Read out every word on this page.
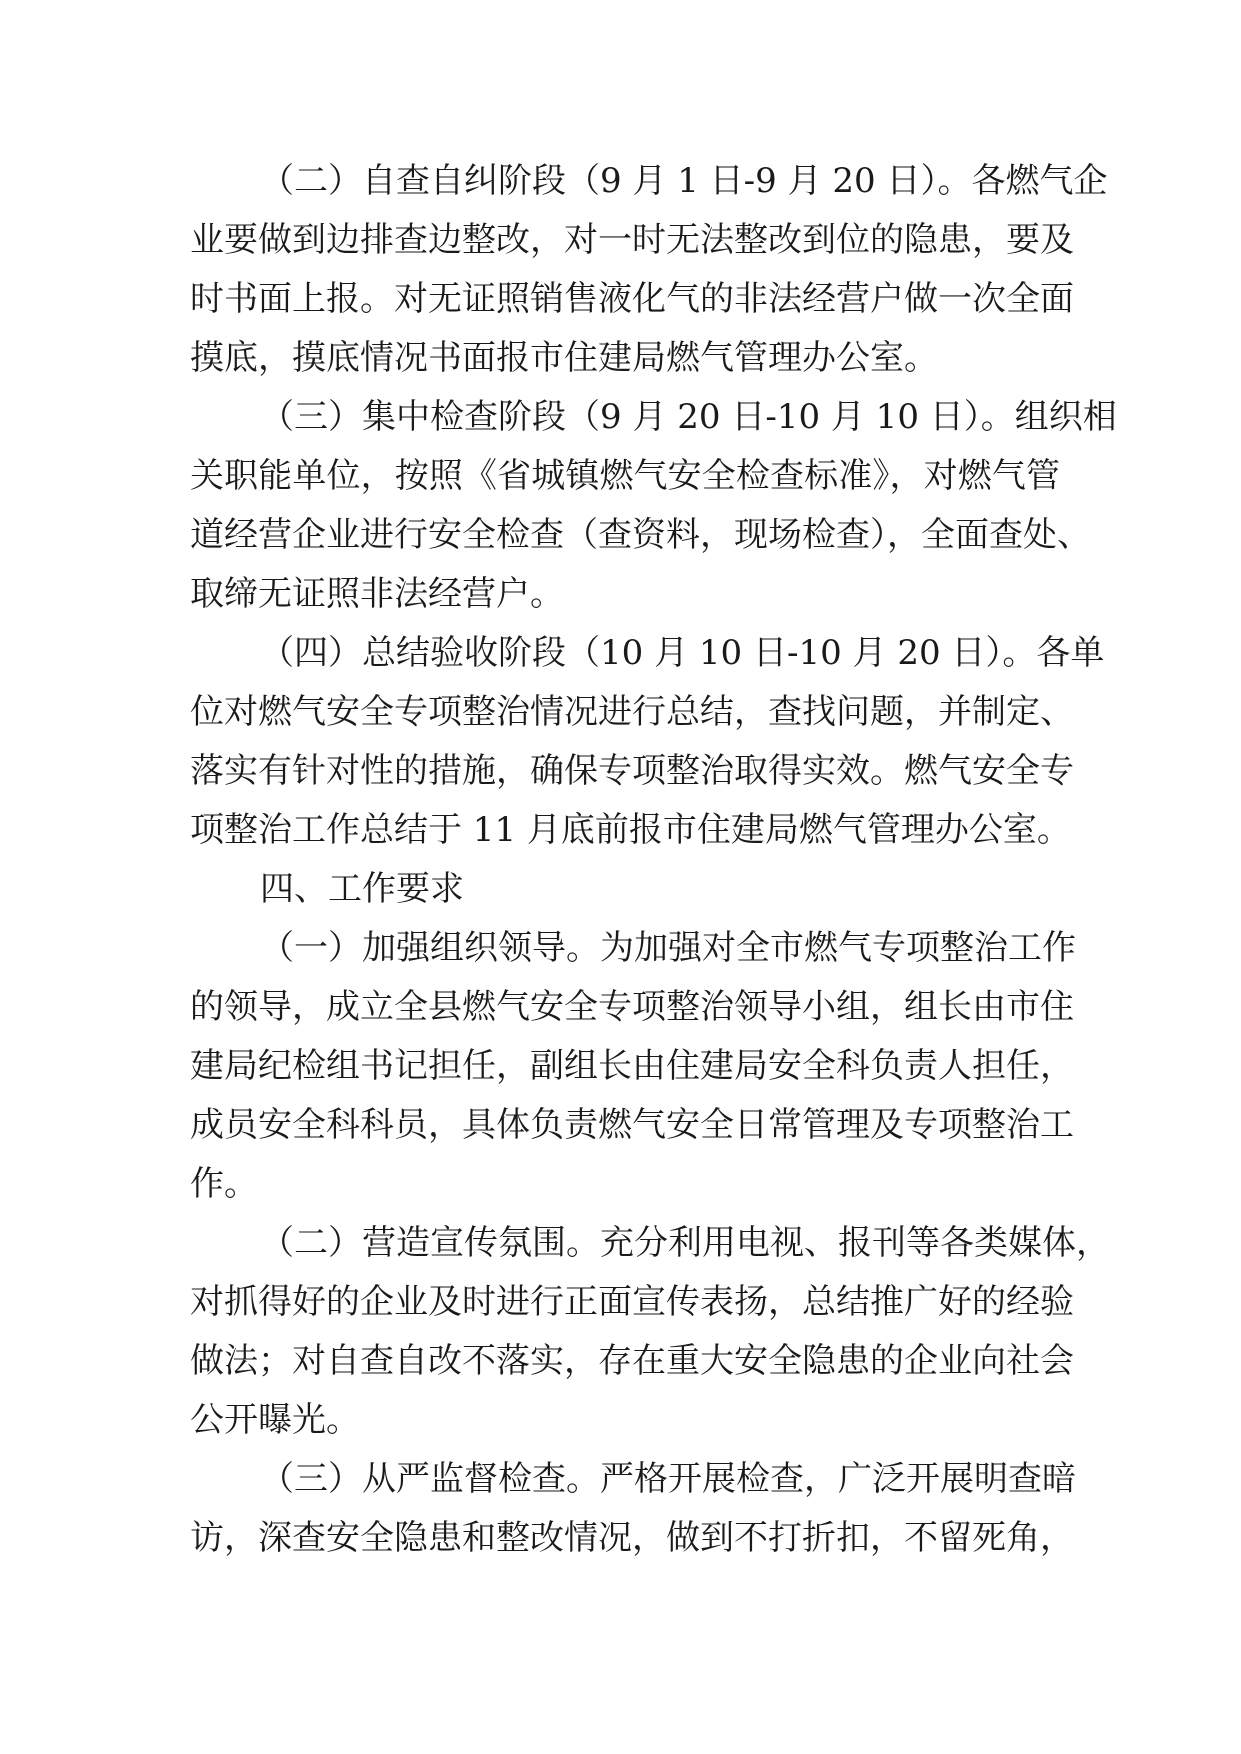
（二）自查自纠阶段（9 月 1 日-9 月 20 日）。各燃气企
业要做到边排查边整改，对一时无法整改到位的隐患，要及
时书面上报。对无证照销售液化气的非法经营户做一次全面
摸底，摸底情况书面报市住建局燃气管理办公室。
（三）集中检查阶段（9 月 20 日-10 月 10 日）。组织相
关职能单位，按照《省城镇燃气安全检查标准》，对燃气管
道经营企业进行安全检查（查资料，现场检查），全面查处、
取缔无证照非法经营户。
（四）总结验收阶段（10 月 10 日-10 月 20 日）。各单
位对燃气安全专项整治情况进行总结，查找问题，并制定、
落实有针对性的措施，确保专项整治取得实效。燃气安全专
项整治工作总结于 11 月底前报市住建局燃气管理办公室。
四、工作要求
（一）加强组织领导。为加强对全市燃气专项整治工作
的领导，成立全县燃气安全专项整治领导小组，组长由市住
建局纪检组书记担任，副组长由住建局安全科负责人担任，
成员安全科科员，具体负责燃气安全日常管理及专项整治工
作。
（二）营造宣传氛围。充分利用电视、报刊等各类媒体，
对抓得好的企业及时进行正面宣传表扬，总结推广好的经验
做法；对自查自改不落实，存在重大安全隐患的企业向社会
公开曝光。
（三）从严监督检查。严格开展检查，广泛开展明查暗
访，深查安全隐患和整改情况，做到不打折扣，不留死角，
